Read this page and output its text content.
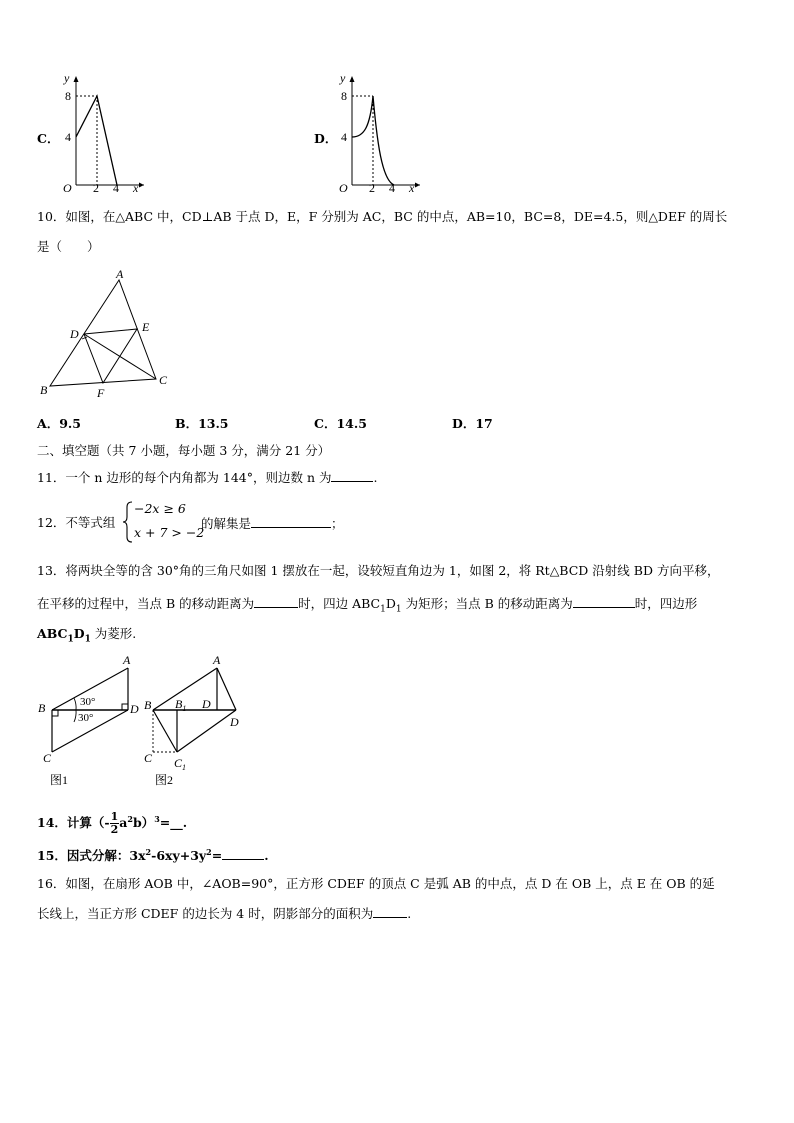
C．
y
8
4
O 2 4 x
D．
y
8
4
O 2 4 x
10．如图，在△ABC 中，CD⊥AB 于点 D，E，F 分别为 AC，BC 的中点，AB=10，BC=8，DE=4.5，则△DEF 的周长
是（　　）
A
B
C
D	E
F
A．9.5	B．13.5	C．14.5	D．17
二、填空题（共 7 小题，每小题 3 分，满分 21 分）
11．一个 n 边形的每个内角都为 144°，则边数 n 为	.
12．不等式组
−2x ≥ 6
x + 7 > −2
的解集是	；
13．将两块全等的含 30°角的三角尺如图 1 摆放在一起，设较短直角边为 1，如图 2，将 Rt△BCD 沿射线 BD 方向平移，
在平移的过程中，当点 B 的移动距离为	时，四边 $ABC_1D_1$ 为矩形；当点 B 的移动距离为	时，四边形
$ABC_1D_1$ 为菱形.
A
B	D
C
30°
30°
图1
A
B $B_1$ D
D
C $C_1$
图2
14．计算（- $\frac{1}{2}$ $a^2b)^3=\_\_$.
15．因式分解：$3x^2-6xy+3y^2=$	.
16．如图，在扇形 AOB 中，∠AOB=90°，正方形 CDEF 的顶点 C 是弧 AB 的中点，点 D 在 OB 上，点 E 在 OB 的延
长线上，当正方形 CDEF 的边长为 4 时，阴影部分的面积为	.
